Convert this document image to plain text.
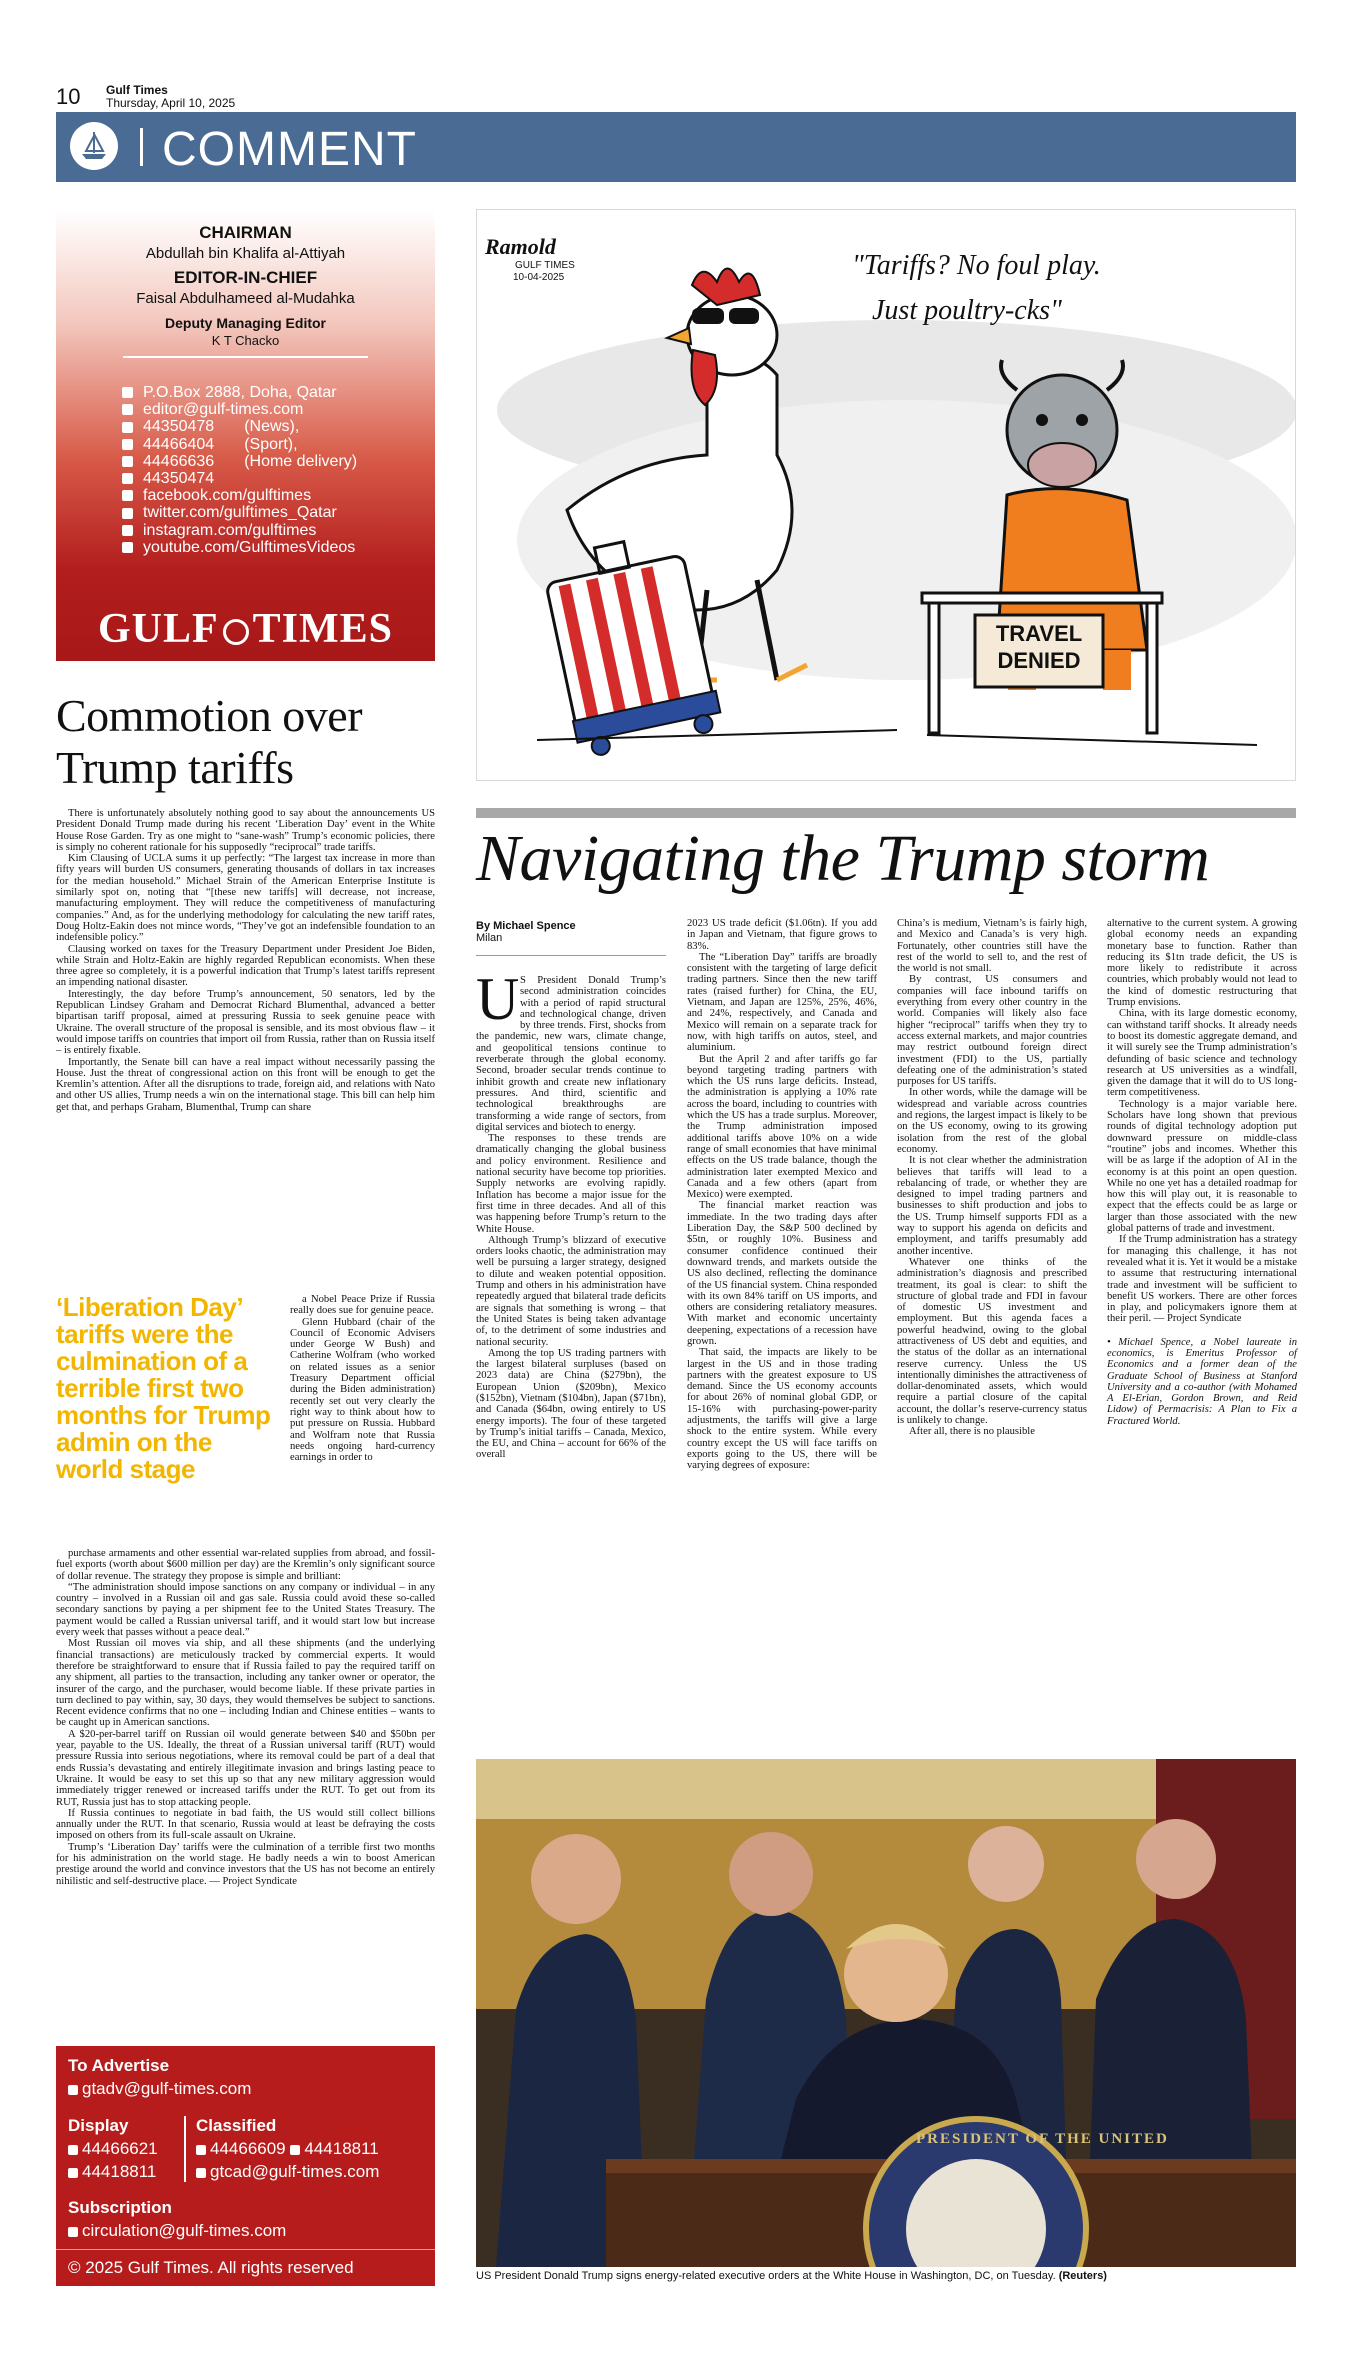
10 Gulf Times
Thursday, April 10, 2025
COMMENT
CHAIRMAN
Abdullah bin Khalifa al-Attiyah
EDITOR-IN-CHIEF
Faisal Abdulhameed al-Mudahka
Deputy Managing Editor
K T Chacko
P.O.Box 2888, Doha, Qatar
editor@gulf-times.com
44350478 (News),
44466404 (Sport),
44466636 (Home delivery)
44350474
facebook.com/gulftimes
twitter.com/gulftimes_Qatar
instagram.com/gulftimes
youtube.com/GulftimesVideos
GULF TIMES
Commotion over Trump tariffs

There is unfortunately absolutely nothing good to say about the announcements US President Donald Trump made during his recent ‘Liberation Day’ event in the White House Rose Garden. Try as one might to “sane-wash” Trump’s economic policies, there is simply no coherent rationale for his supposedly “reciprocal” trade tariffs.

Kim Clausing of UCLA sums it up perfectly: “The largest tax increase in more than fifty years will burden US consumers, generating thousands of dollars in tax increases for the median household.” Michael Strain of the American Enterprise Institute is similarly spot on, noting that “[these new tariffs] will decrease, not increase, manufacturing employment. They will reduce the competitiveness of manufacturing companies.” And, as for the underlying methodology for calculating the new tariff rates, Doug Holtz-Eakin does not mince words, “They’ve got an indefensible foundation to an indefensible policy.”

Clausing worked on taxes for the Treasury Department under President Joe Biden, while Strain and Holtz-Eakin are highly regarded Republican economists. When these three agree so completely, it is a powerful indication that Trump’s latest tariffs represent an impending national disaster.

Interestingly, the day before Trump’s announcement, 50 senators, led by the Republican Lindsey Graham and Democrat Richard Blumenthal, advanced a better bipartisan tariff proposal, aimed at pressuring Russia to seek genuine peace with Ukraine. The overall structure of the proposal is sensible, and its most obvious flaw – it would impose tariffs on countries that import oil from Russia, rather than on Russia itself – is entirely fixable.

Importantly, the Senate bill can have a real impact without necessarily passing the House. Just the threat of congressional action on this front will be enough to get the Kremlin’s attention. After all the disruptions to trade, foreign aid, and relations with Nato and other US allies, Trump needs a win on the international stage. This bill can help him get that, and perhaps Graham, Blumenthal, Trump can share

‘Liberation Day’ tariffs were the culmination of a terrible first two months for Trump admin on the world stage

a Nobel Peace Prize if Russia really does sue for genuine peace.

Glenn Hubbard (chair of the Council of Economic Advisers under George W Bush) and Catherine Wolfram (who worked on related issues as a senior Treasury Department official during the Biden administration) recently set out very clearly the right way to think about how to put pressure on Russia. Hubbard and Wolfram note that Russia needs ongoing hard-currency earnings in order to

purchase armaments and other essential war-related supplies from abroad, and fossil-fuel exports (worth about $600 million per day) are the Kremlin’s only significant source of dollar revenue. The strategy they propose is simple and brilliant:

“The administration should impose sanctions on any company or individual – in any country – involved in a Russian oil and gas sale. Russia could avoid these so-called secondary sanctions by paying a per shipment fee to the United States Treasury. The payment would be called a Russian universal tariff, and it would start low but increase every week that passes without a peace deal.”

Most Russian oil moves via ship, and all these shipments (and the underlying financial transactions) are meticulously tracked by commercial experts. It would therefore be straightforward to ensure that if Russia failed to pay the required tariff on any shipment, all parties to the transaction, including any tanker owner or operator, the insurer of the cargo, and the purchaser, would become liable. If these private parties in turn declined to pay within, say, 30 days, they would themselves be subject to sanctions. Recent evidence confirms that no one – including Indian and Chinese entities – wants to be caught up in American sanctions.

A $20-per-barrel tariff on Russian oil would generate between $40 and $50bn per year, payable to the US. Ideally, the threat of a Russian universal tariff (RUT) would pressure Russia into serious negotiations, where its removal could be part of a deal that ends Russia’s devastating and entirely illegitimate invasion and brings lasting peace to Ukraine. It would be easy to set this up so that any new military aggression would immediately trigger renewed or increased tariffs under the RUT. To get out from its RUT, Russia just has to stop attacking people.

If Russia continues to negotiate in bad faith, the US would still collect billions annually under the RUT. In that scenario, Russia would at least be defraying the costs imposed on others from its full-scale assault on Ukraine.

Trump’s ‘Liberation Day’ tariffs were the culmination of a terrible first two months for his administration on the world stage. He badly needs a win to boost American prestige around the world and convince investors that the US has not become an entirely nihilistic and self-destructive place. — Project Syndicate

To Advertise
gtadv@gulf-times.com
Display
44466621
44418811
Classified
44466609 44418811
gtcad@gulf-times.com
Subscription
circulation@gulf-times.com
© 2025 Gulf Times. All rights reserved
Ramold
GULF TIMES
10-04-2025	"Tariffs? No foul play.
Just poultry-cks"
TRAVEL
DENIED
Navigating the Trump storm
By Michael Spence
Milan
U S President Donald Trump’s second administration coincides with a period of rapid structural and technological change, driven by three trends. First, shocks from the pandemic, new wars, climate change, and geopolitical tensions continue to reverberate through the global economy. Second, broader secular trends continue to inhibit growth and create new inflationary pressures. And third, scientific and technological breakthroughs are transforming a wide range of sectors, from digital services and biotech to energy.

The responses to these trends are dramatically changing the global business and policy environment. Resilience and national security have become top priorities. Supply networks are evolving rapidly. Inflation has become a major issue for the first time in three decades. And all of this was happening before Trump’s return to the White House.

Although Trump’s blizzard of executive orders looks chaotic, the administration may well be pursuing a larger strategy, designed to dilute and weaken potential opposition. Trump and others in his administration have repeatedly argued that bilateral trade deficits are signals that something is wrong – that the United States is being taken advantage of, to the detriment of some industries and national security.

Among the top US trading partners with the largest bilateral surpluses (based on 2023 data) are China ($279bn), the European Union ($209bn), Mexico ($152bn), Vietnam ($104bn), Japan ($71bn), and Canada ($64bn, owing entirely to US energy imports). The four of these targeted by Trump’s initial tariffs – Canada, Mexico, the EU, and China – account for 66% of the overall

2023 US trade deficit ($1.06tn). If you add in Japan and Vietnam, that figure grows to 83%.

The “Liberation Day” tariffs are broadly consistent with the targeting of large deficit trading partners. Since then the new tariff rates (raised further) for China, the EU, Vietnam, and Japan are 125%, 25%, 46%, and 24%, respectively, and Canada and Mexico will remain on a separate track for now, with high tariffs on autos, steel, and aluminium.

But the April 2 and after tariffs go far beyond targeting trading partners with which the US runs large deficits. Instead, the administration is applying a 10% rate across the board, including to countries with which the US has a trade surplus. Moreover, the Trump administration imposed additional tariffs above 10% on a wide range of small economies that have minimal effects on the US trade balance, though the administration later exempted Mexico and Canada and a few others (apart from Mexico) were exempted.

The financial market reaction was immediate. In the two trading days after Liberation Day, the S&P 500 declined by $5tn, or roughly 10%. Business and consumer confidence continued their downward trends, and markets outside the US also declined, reflecting the dominance of the US financial system. China responded with its own 84% tariff on US imports, and others are considering retaliatory measures. With market and economic uncertainty deepening, expectations of a recession have grown.

That said, the impacts are likely to be largest in the US and in those trading partners with the greatest exposure to US demand. Since the US economy accounts for about 26% of nominal global GDP, or 15-16% with purchasing-power-parity adjustments, the tariffs will give a large shock to the entire system. While every country except the US will face tariffs on exports going to the US, there will be varying degrees of exposure:

China’s is medium, Vietnam’s is fairly high, and Mexico and Canada’s is very high. Fortunately, other countries still have the rest of the world to sell to, and the rest of the world is not small.

By contrast, US consumers and companies will face inbound tariffs on everything from every other country in the world. Companies will likely also face higher “reciprocal” tariffs when they try to access external markets, and major countries may restrict outbound foreign direct investment (FDI) to the US, partially defeating one of the administration’s stated purposes for US tariffs.

In other words, while the damage will be widespread and variable across countries and regions, the largest impact is likely to be on the US economy, owing to its growing isolation from the rest of the global economy.

It is not clear whether the administration believes that tariffs will lead to a rebalancing of trade, or whether they are designed to impel trading partners and businesses to shift production and jobs to the US. Trump himself supports FDI as a way to support his agenda on deficits and employment, and tariffs presumably add another incentive.

Whatever one thinks of the administration’s diagnosis and prescribed treatment, its goal is clear: to shift the structure of global trade and FDI in favour of domestic US investment and employment. But this agenda faces a powerful headwind, owing to the global attractiveness of US debt and equities, and the status of the dollar as an international reserve currency. Unless the US intentionally diminishes the attractiveness of dollar-denominated assets, which would require a partial closure of the capital account, the dollar’s reserve-currency status is unlikely to change.

After all, there is no plausible

alternative to the current system. A growing global economy needs an expanding monetary base to function. Rather than reducing its $1tn trade deficit, the US is more likely to redistribute it across countries, which probably would not lead to the kind of domestic restructuring that Trump envisions.

China, with its large domestic economy, can withstand tariff shocks. It already needs to boost its domestic aggregate demand, and it will surely see the Trump administration’s defunding of basic science and technology research at US universities as a windfall, given the damage that it will do to US long-term competitiveness.

Technology is a major variable here. Scholars have long shown that previous rounds of digital technology adoption put downward pressure on middle-class “routine” jobs and incomes. Whether this will be as large if the adoption of AI in the economy is at this point an open question. While no one yet has a detailed roadmap for how this will play out, it is reasonable to expect that the effects could be as large or larger than those associated with the new global patterns of trade and investment.

If the Trump administration has a strategy for managing this challenge, it has not revealed what it is. Yet it would be a mistake to assume that restructuring international trade and investment will be sufficient to benefit US workers. There are other forces in play, and policymakers ignore them at their peril. — Project Syndicate

• Michael Spence, a Nobel laureate in economics, is Emeritus Professor of Economics and a former dean of the Graduate School of Business at Stanford University and a co-author (with Mohamed A El-Erian, Gordon Brown, and Reid Lidow) of Permacrisis: A Plan to Fix a Fractured World.
PRESIDENT OF THE UNITED
US President Donald Trump signs energy-related executive orders at the White House in Washington, DC, on Tuesday. (Reuters)
